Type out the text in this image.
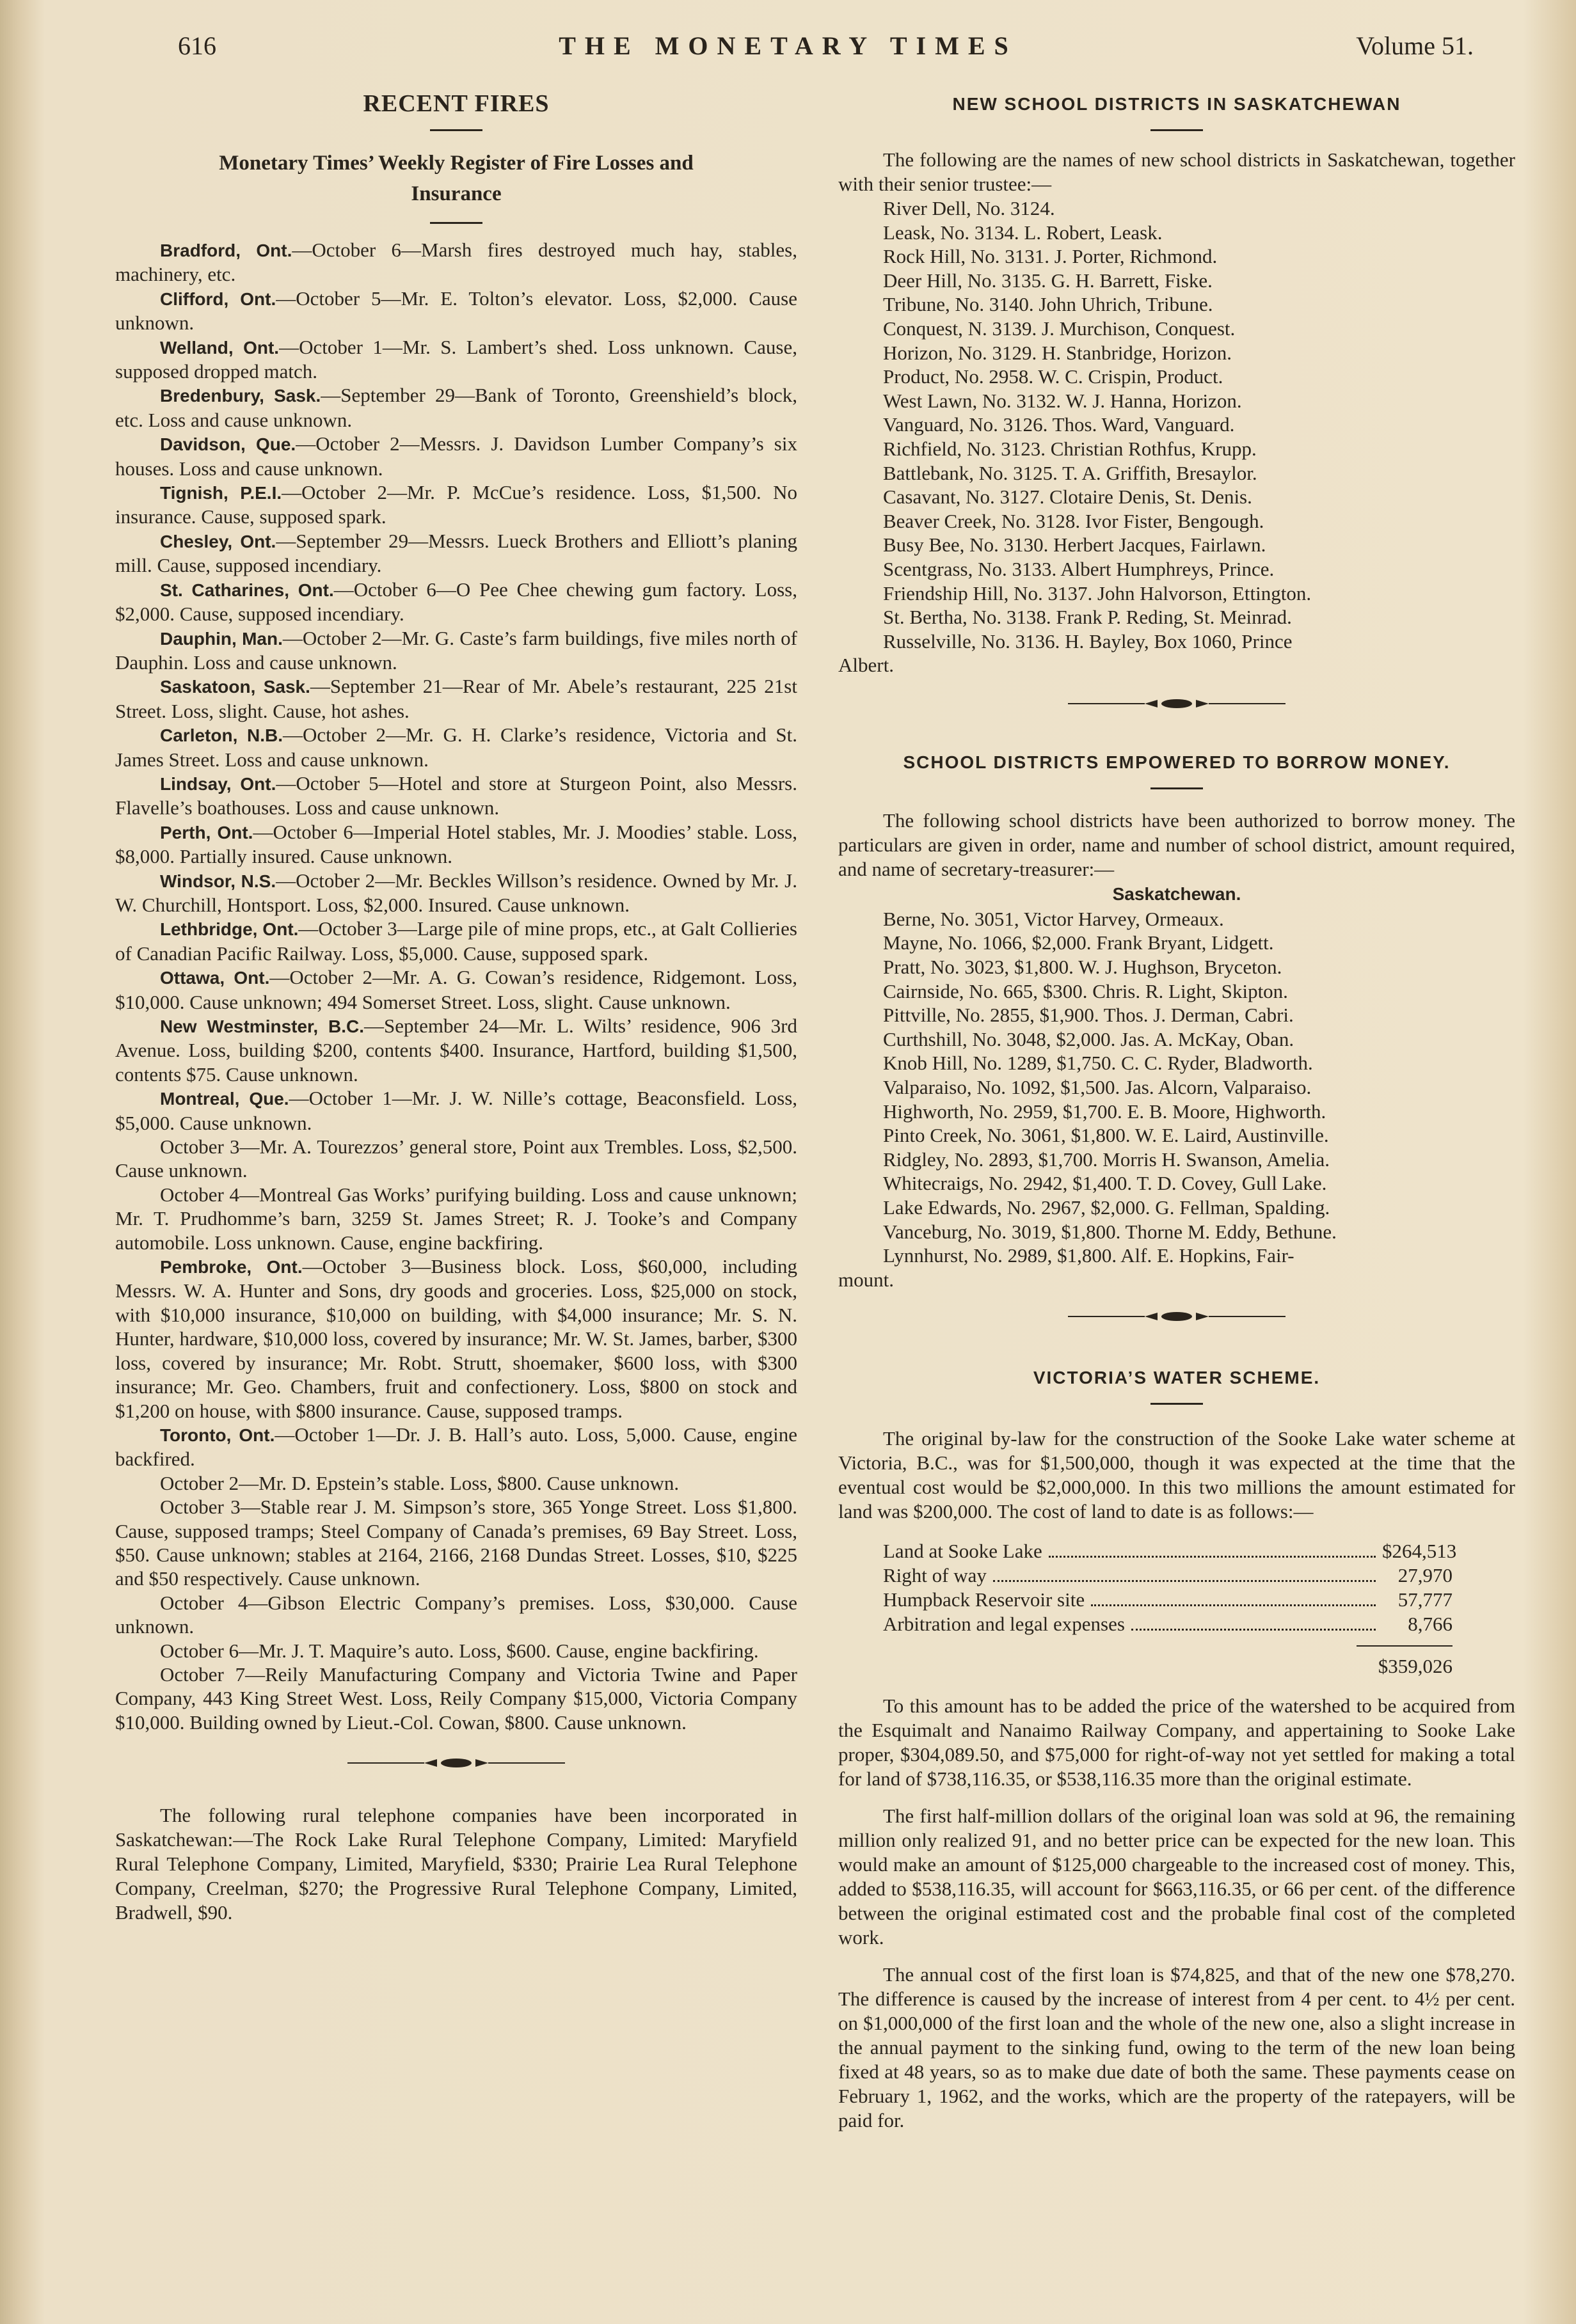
616	THE MONETARY TIMES	Volume 51.
RECENT FIRES
Monetary Times’ Weekly Register of Fire Losses and Insurance

Bradford, Ont.—October 6—Marsh fires destroyed much hay, stables, machinery, etc.

Clifford, Ont.—October 5—Mr. E. Tolton’s elevator. Loss, $2,000. Cause unknown.

Welland, Ont.—October 1—Mr. S. Lambert’s shed. Loss unknown. Cause, supposed dropped match.

Bredenbury, Sask.—September 29—Bank of Toronto, Greenshield’s block, etc. Loss and cause unknown.

Davidson, Que.—October 2—Messrs. J. Davidson Lumber Company’s six houses. Loss and cause unknown.

Tignish, P.E.I.—October 2—Mr. P. McCue’s residence. Loss, $1,500. No insurance. Cause, supposed spark.

Chesley, Ont.—September 29—Messrs. Lueck Brothers and Elliott’s planing mill. Cause, supposed incendiary.

St. Catharines, Ont.—October 6—O Pee Chee chewing gum factory. Loss, $2,000. Cause, supposed incendiary.

Dauphin, Man.—October 2—Mr. G. Caste’s farm buildings, five miles north of Dauphin. Loss and cause unknown.

Saskatoon, Sask.—September 21—Rear of Mr. Abele’s restaurant, 225 21st Street. Loss, slight. Cause, hot ashes.

Carleton, N.B.—October 2—Mr. G. H. Clarke’s residence, Victoria and St. James Street. Loss and cause unknown.

Lindsay, Ont.—October 5—Hotel and store at Sturgeon Point, also Messrs. Flavelle’s boathouses. Loss and cause unknown.

Perth, Ont.—October 6—Imperial Hotel stables, Mr. J. Moodies’ stable. Loss, $8,000. Partially insured. Cause unknown.

Windsor, N.S.—October 2—Mr. Beckles Willson’s residence. Owned by Mr. J. W. Churchill, Hontsport. Loss, $2,000. Insured. Cause unknown.

Lethbridge, Ont.—October 3—Large pile of mine props, etc., at Galt Collieries of Canadian Pacific Railway. Loss, $5,000. Cause, supposed spark.

Ottawa, Ont.—October 2—Mr. A. G. Cowan’s residence, Ridgemont. Loss, $10,000. Cause unknown; 494 Somerset Street. Loss, slight. Cause unknown.

New Westminster, B.C.—September 24—Mr. L. Wilts’ residence, 906 3rd Avenue. Loss, building $200, contents $400. Insurance, Hartford, building $1,500, contents $75. Cause unknown.

Montreal, Que.—October 1—Mr. J. W. Nille’s cottage, Beaconsfield. Loss, $5,000. Cause unknown.

October 3—Mr. A. Tourezzos’ general store, Point aux Trembles. Loss, $2,500. Cause unknown.

October 4—Montreal Gas Works’ purifying building. Loss and cause unknown; Mr. T. Prudhomme’s barn, 3259 St. James Street; R. J. Tooke’s and Company automobile. Loss unknown. Cause, engine backfiring.

Pembroke, Ont.—October 3—Business block. Loss, $60,000, including Messrs. W. A. Hunter and Sons, dry goods and groceries. Loss, $25,000 on stock, with $10,000 insurance, $10,000 on building, with $4,000 insurance; Mr. S. N. Hunter, hardware, $10,000 loss, covered by insurance; Mr. W. St. James, barber, $300 loss, covered by insurance; Mr. Robt. Strutt, shoemaker, $600 loss, with $300 insurance; Mr. Geo. Chambers, fruit and confectionery. Loss, $800 on stock and $1,200 on house, with $800 insurance. Cause, supposed tramps.

Toronto, Ont.—October 1—Dr. J. B. Hall’s auto. Loss, 5,000. Cause, engine backfired.

October 2—Mr. D. Epstein’s stable. Loss, $800. Cause unknown.

October 3—Stable rear J. M. Simpson’s store, 365 Yonge Street. Loss $1,800. Cause, supposed tramps; Steel Company of Canada’s premises, 69 Bay Street. Loss, $50. Cause unknown; stables at 2164, 2166, 2168 Dundas Street. Losses, $10, $225 and $50 respectively. Cause unknown.

October 4—Gibson Electric Company’s premises. Loss, $30,000. Cause unknown.

October 6—Mr. J. T. Maquire’s auto. Loss, $600. Cause, engine backfiring.

October 7—Reily Manufacturing Company and Victoria Twine and Paper Company, 443 King Street West. Loss, Reily Company $15,000, Victoria Company $10,000. Building owned by Lieut.-Col. Cowan, $800. Cause unknown.

The following rural telephone companies have been incorporated in Saskatchewan:—The Rock Lake Rural Telephone Company, Limited: Maryfield Rural Telephone Company, Limited, Maryfield, $330; Prairie Lea Rural Telephone Company, Creelman, $270; the Progressive Rural Telephone Company, Limited, Bradwell, $90.

NEW SCHOOL DISTRICTS IN SASKATCHEWAN

The following are the names of new school districts in Saskatchewan, together with their senior trustee:—

River Dell, No. 3124.
Leask, No. 3134. L. Robert, Leask.
Rock Hill, No. 3131. J. Porter, Richmond.
Deer Hill, No. 3135. G. H. Barrett, Fiske.
Tribune, No. 3140. John Uhrich, Tribune.
Conquest, N. 3139. J. Murchison, Conquest.
Horizon, No. 3129. H. Stanbridge, Horizon.
Product, No. 2958. W. C. Crispin, Product.
West Lawn, No. 3132. W. J. Hanna, Horizon.
Vanguard, No. 3126. Thos. Ward, Vanguard.
Richfield, No. 3123. Christian Rothfus, Krupp.
Battlebank, No. 3125. T. A. Griffith, Bresaylor.
Casavant, No. 3127. Clotaire Denis, St. Denis.
Beaver Creek, No. 3128. Ivor Fister, Bengough.
Busy Bee, No. 3130. Herbert Jacques, Fairlawn.
Scentgrass, No. 3133. Albert Humphreys, Prince.
Friendship Hill, No. 3137. John Halvorson, Ettington.
St. Bertha, No. 3138. Frank P. Reding, St. Meinrad.
Russelville, No. 3136. H. Bayley, Box 1060, Prince
Albert.
SCHOOL DISTRICTS EMPOWERED TO BORROW MONEY.

The following school districts have been authorized to borrow money. The particulars are given in order, name and number of school district, amount required, and name of secretary-treasurer:—

Saskatchewan.
Berne, No. 3051, Victor Harvey, Ormeaux.
Mayne, No. 1066, $2,000. Frank Bryant, Lidgett.
Pratt, No. 3023, $1,800. W. J. Hughson, Bryceton.
Cairnside, No. 665, $300. Chris. R. Light, Skipton.
Pittville, No. 2855, $1,900. Thos. J. Derman, Cabri.
Curthshill, No. 3048, $2,000. Jas. A. McKay, Oban.
Knob Hill, No. 1289, $1,750. C. C. Ryder, Bladworth.
Valparaiso, No. 1092, $1,500. Jas. Alcorn, Valparaiso.
Highworth, No. 2959, $1,700. E. B. Moore, Highworth.
Pinto Creek, No. 3061, $1,800. W. E. Laird, Austinville.
Ridgley, No. 2893, $1,700. Morris H. Swanson, Amelia.
Whitecraigs, No. 2942, $1,400. T. D. Covey, Gull Lake.
Lake Edwards, No. 2967, $2,000. G. Fellman, Spalding.
Vanceburg, No. 3019, $1,800. Thorne M. Eddy, Bethune.
Lynnhurst, No. 2989, $1,800. Alf. E. Hopkins, Fair-
mount.
VICTORIA’S WATER SCHEME.

The original by-law for the construction of the Sooke Lake water scheme at Victoria, B.C., was for $1,500,000, though it was expected at the time that the eventual cost would be $2,000,000. In this two millions the amount estimated for land was $200,000. The cost of land to date is as follows:—

Land at Sooke Lake	$264,513
Right of way	27,970
Humpback Reservoir site	57,777
Arbitration and legal expenses	8,766
$359,026

To this amount has to be added the price of the watershed to be acquired from the Esquimalt and Nanaimo Railway Company, and appertaining to Sooke Lake proper, $304,089.50, and $75,000 for right-of-way not yet settled for making a total for land of $738,116.35, or $538,116.35 more than the original estimate.

The first half-million dollars of the original loan was sold at 96, the remaining million only realized 91, and no better price can be expected for the new loan. This would make an amount of $125,000 chargeable to the increased cost of money. This, added to $538,116.35, will account for $663,116.35, or 66 per cent. of the difference between the original estimated cost and the probable final cost of the completed work.

The annual cost of the first loan is $74,825, and that of the new one $78,270. The difference is caused by the increase of interest from 4 per cent. to 4½ per cent. on $1,000,000 of the first loan and the whole of the new one, also a slight increase in the annual payment to the sinking fund, owing to the term of the new loan being fixed at 48 years, so as to make due date of both the same. These payments cease on February 1, 1962, and the works, which are the property of the ratepayers, will be paid for.
